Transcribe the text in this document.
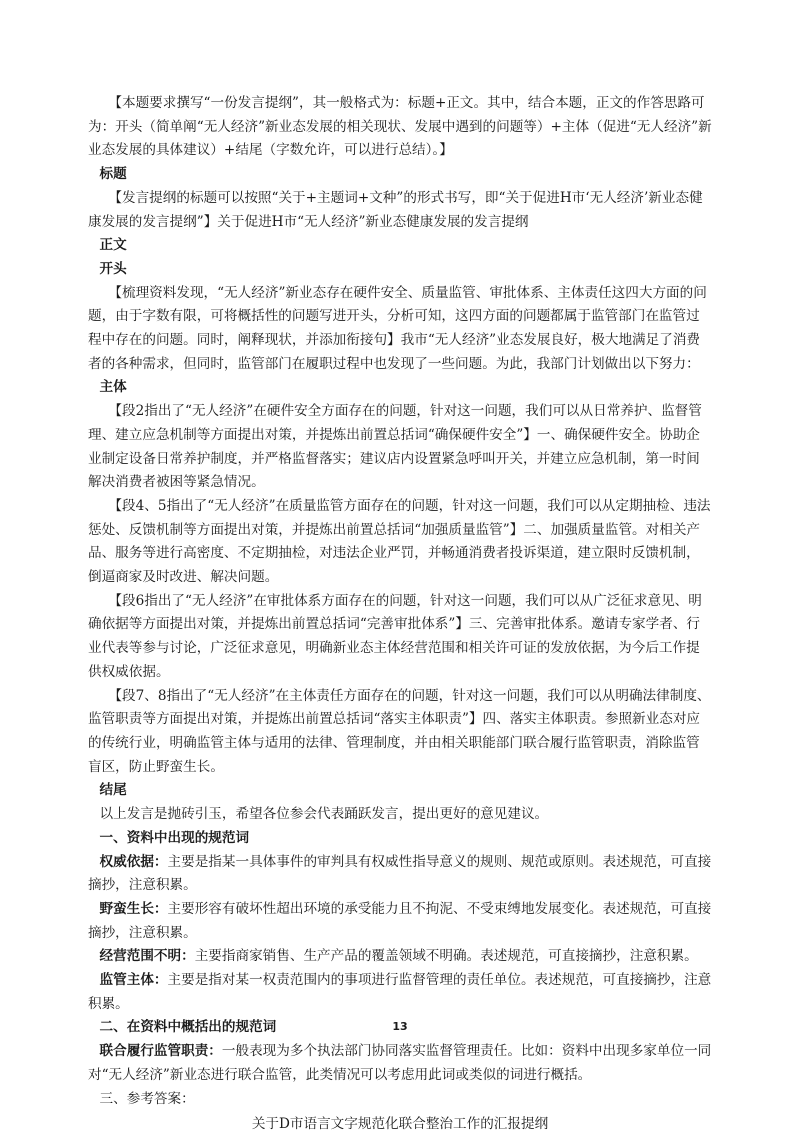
【本题要求撰写“一份发言提纲”，其一般格式为：标题+正文。其中，结合本题，正文的作答思路可为：开头（简单阐“无人经济”新业态发展的相关现状、发展中遇到的问题等）+主体（促进“无人经济”新业态发展的具体建议）+结尾（字数允许，可以进行总结）。】

标题

【发言提纲的标题可以按照“关于+主题词+文种”的形式书写，即“关于促进H市‘无人经济’新业态健康发展的发言提纲”】关于促进H市“无人经济”新业态健康发展的发言提纲

正文

开头

【梳理资料发现，“无人经济”新业态存在硬件安全、质量监管、审批体系、主体责任这四大方面的问题，由于字数有限，可将概括性的问题写进开头，分析可知，这四方面的问题都属于监管部门在监管过程中存在的问题。同时，阐释现状，并添加衔接句】我市“无人经济”业态发展良好，极大地满足了消费者的各种需求，但同时，监管部门在履职过程中也发现了一些问题。为此，我部门计划做出以下努力：

主体

【段2指出了“无人经济”在硬件安全方面存在的问题，针对这一问题，我们可以从日常养护、监督管理、建立应急机制等方面提出对策，并提炼出前置总括词“确保硬件安全”】一、确保硬件安全。协助企业制定设备日常养护制度，并严格监督落实；建议店内设置紧急呼叫开关，并建立应急机制，第一时间解决消费者被困等紧急情况。

【段4、5指出了“无人经济”在质量监管方面存在的问题，针对这一问题，我们可以从定期抽检、违法惩处、反馈机制等方面提出对策，并提炼出前置总括词“加强质量监管”】二、加强质量监管。对相关产品、服务等进行高密度、不定期抽检，对违法企业严罚，并畅通消费者投诉渠道，建立限时反馈机制，倒逼商家及时改进、解决问题。

【段6指出了“无人经济”在审批体系方面存在的问题，针对这一问题，我们可以从广泛征求意见、明确依据等方面提出对策，并提炼出前置总括词“完善审批体系”】三、完善审批体系。邀请专家学者、行业代表等参与讨论，广泛征求意见，明确新业态主体经营范围和相关许可证的发放依据，为今后工作提供权威依据。

【段7、8指出了“无人经济”在主体责任方面存在的问题，针对这一问题，我们可以从明确法律制度、监管职责等方面提出对策，并提炼出前置总括词“落实主体职责”】四、落实主体职责。参照新业态对应的传统行业，明确监管主体与适用的法律、管理制度，并由相关职能部门联合履行监管职责，消除监管盲区，防止野蛮生长。

结尾

以上发言是抛砖引玉，希望各位参会代表踊跃发言，提出更好的意见建议。

一、资料中出现的规范词

权威依据：主要是指某一具体事件的审判具有权威性指导意义的规则、规范或原则。表述规范，可直接摘抄，注意积累。

野蛮生长：主要形容有破坏性超出环境的承受能力且不拘泥、不受束缚地发展变化。表述规范，可直接摘抄，注意积累。

经营范围不明：主要指商家销售、生产产品的覆盖领域不明确。表述规范，可直接摘抄，注意积累。

监管主体：主要是指对某一权责范围内的事项进行监督管理的责任单位。表述规范，可直接摘抄，注意积累。

二、在资料中概括出的规范词

联合履行监管职责：一般表现为多个执法部门协同落实监督管理责任。比如：资料中出现多家单位一同对“无人经济”新业态进行联合监管，此类情况可以考虑用此词或类似的词进行概括。

三、参考答案：

关于D市语言文字规范化联合整治工作的汇报提纲

13
